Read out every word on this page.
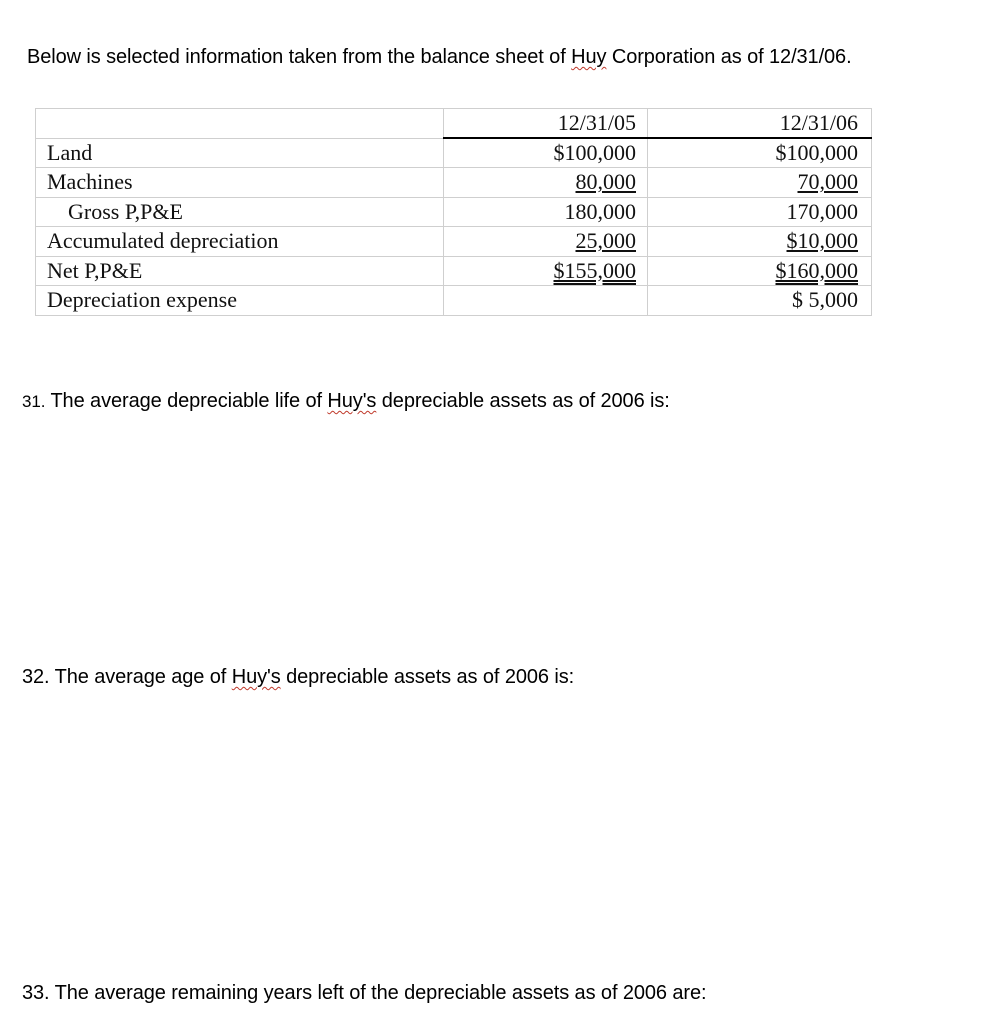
Below is selected information taken from the balance sheet of Huy Corporation as of 12/31/06.
	12/31/05	12/31/06
Land	$100,000	$100,000
Machines	80,000	70,000
Gross P,P&E	180,000	170,000
Accumulated depreciation	25,000	$10,000
Net P,P&E	$155,000	$160,000
Depreciation expense		$ 5,000
31. The average depreciable life of Huy's depreciable assets as of 2006 is:
32. The average age of Huy's depreciable assets as of 2006 is:
33. The average remaining years left of the depreciable assets as of 2006 are:
